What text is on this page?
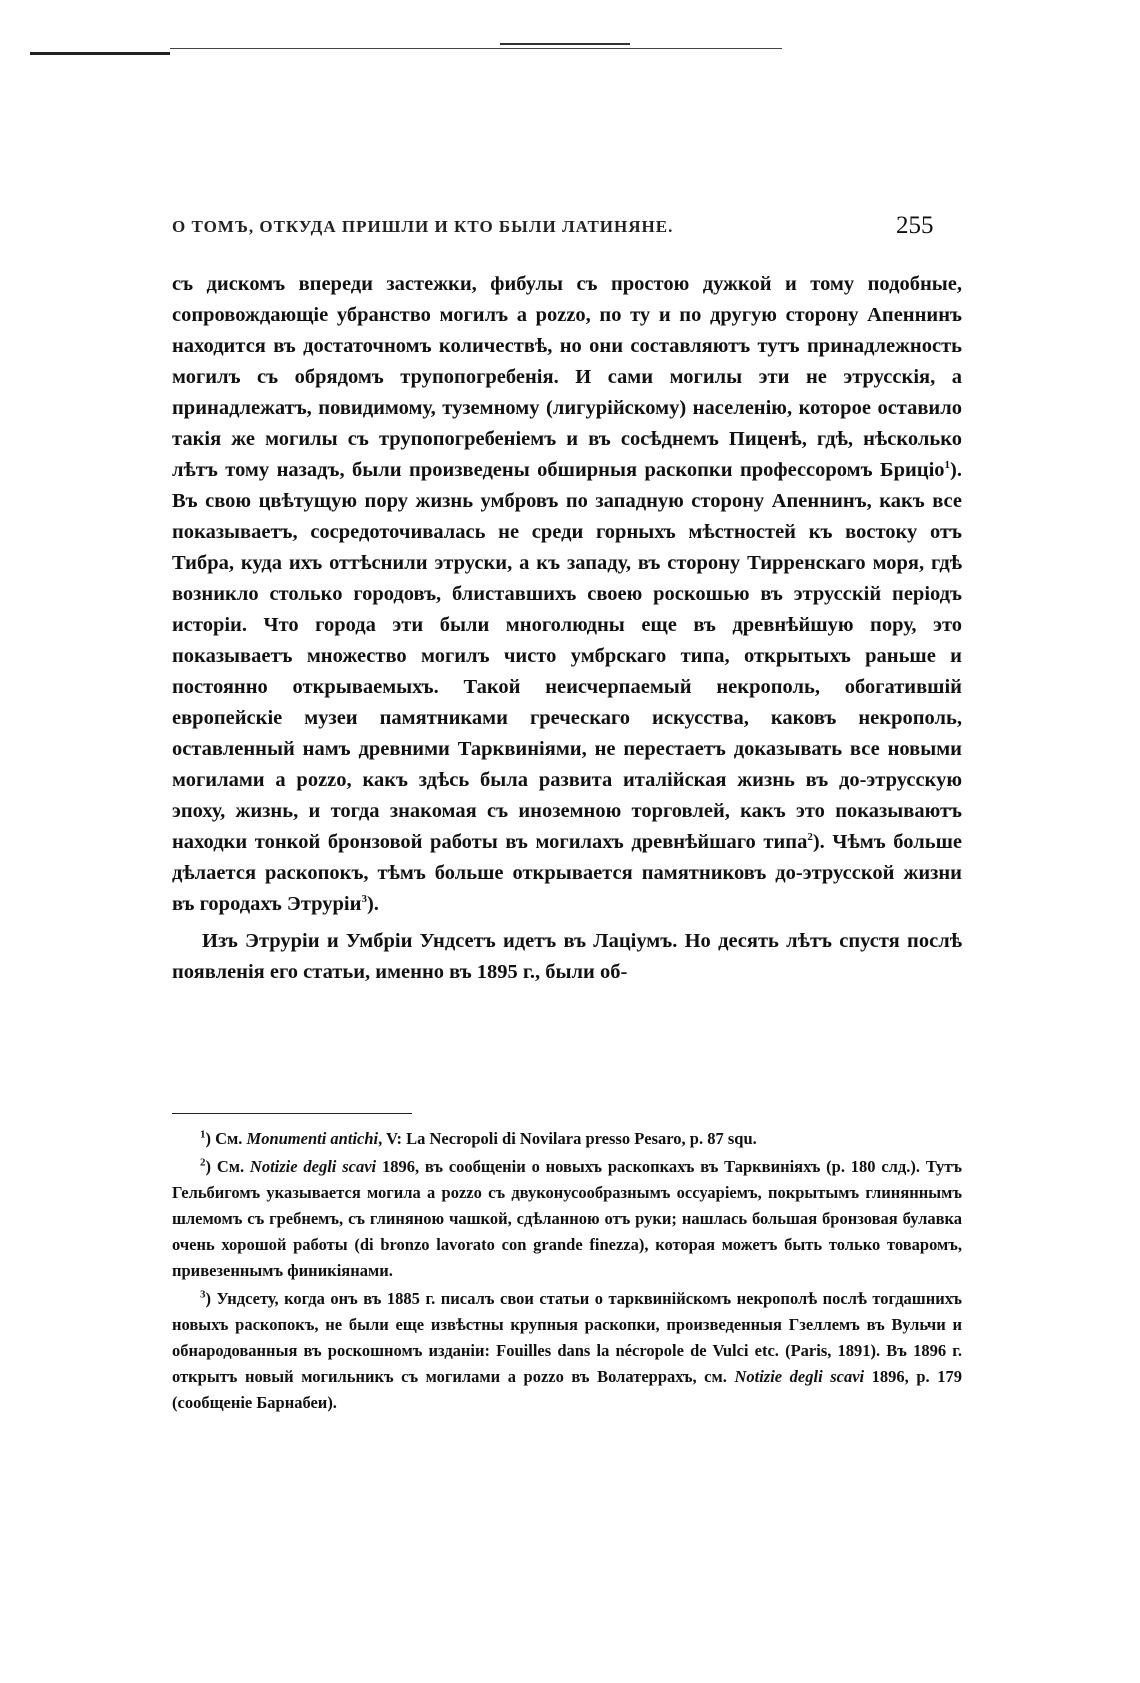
О ТОМЪ, ОТКУДА ПРИШЛИ И КТО БЫЛИ ЛАТИНЯНЕ.	255

съ дискомъ впереди застежки, фибулы съ простою дужкой и тому подобные, сопровождающіе убранство могилъ а pozzo, по ту и по другую сторону Апеннинъ находится въ достаточномъ количествѣ, но они составляютъ тутъ принадлежность могилъ съ обрядомъ трупопогребенія. И сами могилы эти не этрусскія, а принадлежатъ, повидимому, туземному (лигурійскому) населенію, которое оставило такія же могилы съ трупопогребеніемъ и въ сосѣднемъ Пиценѣ, гдѣ, нѣсколько лѣтъ тому назадъ, были произведены обширныя раскопки профессоромъ Бриціо$^1$). Въ свою цвѣтущую пору жизнь умбровъ по западную сторону Апеннинъ, какъ все показываетъ, сосредоточивалась не среди горныхъ мѣстностей къ востоку отъ Тибра, куда ихъ оттѣснили этруски, а къ западу, въ сторону Тирренскаго моря, гдѣ возникло столько городовъ, блиставшихъ своею роскошью въ этрусскій періодъ исторіи. Что города эти были многолюдны еще въ древнѣйшую пору, это показываетъ множество могилъ чисто умбрскаго типа, открытыхъ раньше и постоянно открываемыхъ. Такой неисчерпаемый некрополь, обогатившій европейскіе музеи памятниками греческаго искусства, каковъ некрополь, оставленный намъ древними Тарквиніями, не перестаетъ доказывать все новыми могилами a pozzo, какъ здѣсь была развита италійская жизнь въ до-этрусскую эпоху, жизнь, и тогда знакомая съ иноземною торговлей, какъ это показываютъ находки тонкой бронзовой работы въ могилахъ древнѣйшаго типа$^2$). Чѣмъ больше дѣлается раскопокъ, тѣмъ больше открывается памятниковъ до-этрусской жизни въ городахъ Этруріи$^3$).

Изъ Этруріи и Умбріи Ундсетъ идетъ въ Лаціумъ. Но десять лѣтъ спустя послѣ появленія его статьи, именно въ 1895 г., были об-

$^1$) См. Monumenti antichi, V: La Necropoli di Novilara presso Pesaro, p. 87 squ.

$^2$) См. Notizie degli scavi 1896, въ сообщеніи о новыхъ раскопкахъ въ Тарквиніяхъ (p. 180 слд.). Тутъ Гельбигомъ указывается могила a pozzo съ двуконусообразнымъ оссуаріемъ, покрытымъ глиняннымъ шлемомъ съ гребнемъ, съ глиняною чашкой, сдѣланною отъ руки; нашлась большая бронзовая булавка очень хорошой работы (di bronzo lavorato con grande finezza), которая можетъ быть только товаромъ, привезеннымъ финикіянами.

$^3$) Ундсету, когда онъ въ 1885 г. писалъ свои статьи о тарквинійскомъ некрополѣ послѣ тогдашнихъ новыхъ раскопокъ, не были еще извѣстны крупныя раскопки, произведенныя Гзеллемъ въ Вульчи и обнародованныя въ роскошномъ изданіи: Fouilles dans la nécropole de Vulci etc. (Paris, 1891). Въ 1896 г. открытъ новый могильникъ съ могилами a pozzo въ Волатеррахъ, см. Notizie degli scavi 1896, p. 179 (сообщеніе Барнабеи).
